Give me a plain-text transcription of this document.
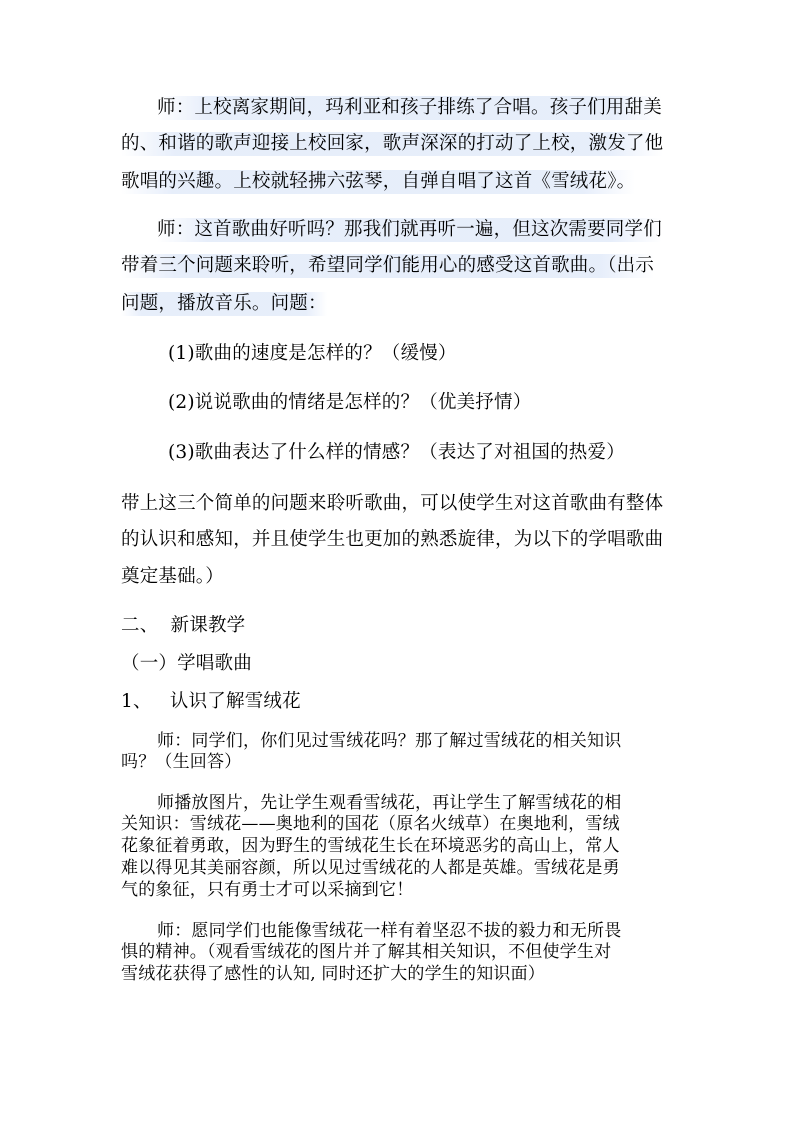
师：上校离家期间，玛利亚和孩子排练了合唱。孩子们用甜美
的、和谐的歌声迎接上校回家，歌声深深的打动了上校，激发了他
歌唱的兴趣。上校就轻拂六弦琴，自弹自唱了这首《雪绒花》。
师：这首歌曲好听吗？那我们就再听一遍，但这次需要同学们
带着三个问题来聆听，希望同学们能用心的感受这首歌曲。（出示
问题，播放音乐。问题：
(1)歌曲的速度是怎样的？（缓慢）
(2)说说歌曲的情绪是怎样的？（优美抒情）
(3)歌曲表达了什么样的情感？（表达了对祖国的热爱）
带上这三个简单的问题来聆听歌曲，可以使学生对这首歌曲有整体
的认识和感知，并且使学生也更加的熟悉旋律，为以下的学唱歌曲
奠定基础。）
二、  新课教学
（一）学唱歌曲
1、   认识了解雪绒花
师：同学们，你们见过雪绒花吗？那了解过雪绒花的相关知识
吗？（生回答）
师播放图片，先让学生观看雪绒花，再让学生了解雪绒花的相
关知识：雪绒花——奥地利的国花（原名火绒草）在奥地利，雪绒
花象征着勇敢，因为野生的雪绒花生长在环境恶劣的高山上，常人
难以得见其美丽容颜，所以见过雪绒花的人都是英雄。雪绒花是勇
气的象征，只有勇士才可以采摘到它！
师：愿同学们也能像雪绒花一样有着坚忍不拔的毅力和无所畏
惧的精神。（观看雪绒花的图片并了解其相关知识，不但使学生对
雪绒花获得了感性的认知, 同时还扩大的学生的知识面）
